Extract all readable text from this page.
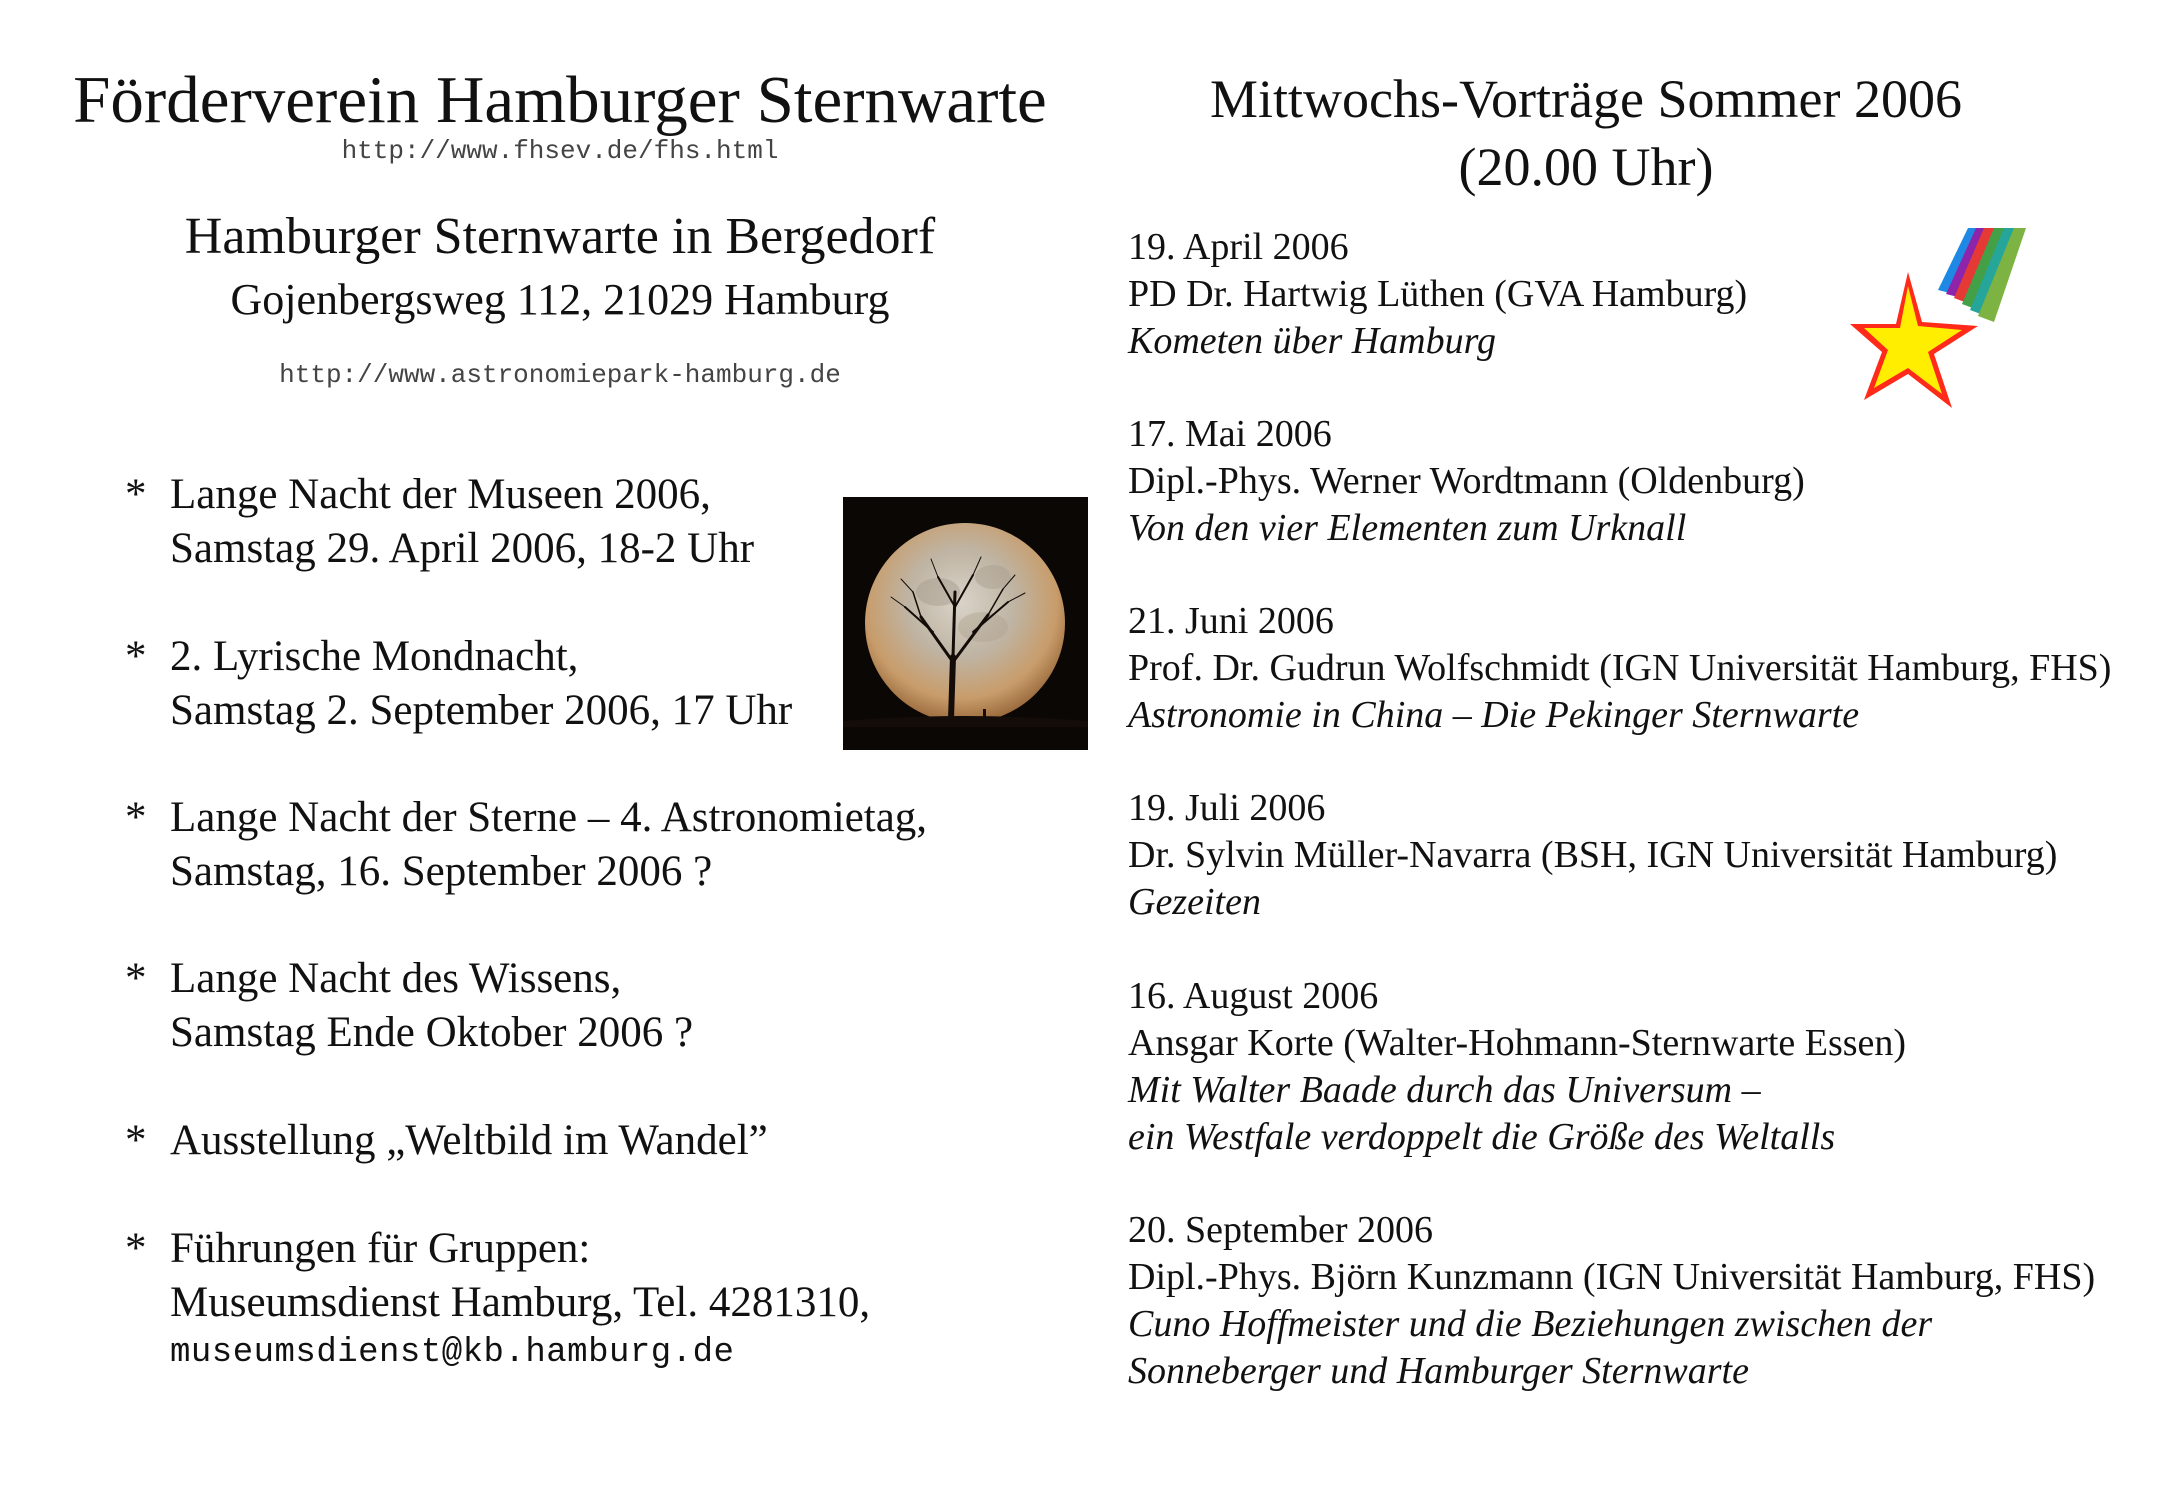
Förderverein Hamburger Sternwarte
http://www.fhsev.de/fhs.html
Hamburger Sternwarte in Bergedorf
Gojenbergsweg 112, 21029 Hamburg
http://www.astronomiepark-hamburg.de
* Lange Nacht der Museen 2006,
Samstag 29. April 2006, 18-2 Uhr
* 2. Lyrische Mondnacht,
Samstag 2. September 2006, 17 Uhr
* Lange Nacht der Sterne – 4. Astronomietag,
Samstag, 16. September 2006 ?
* Lange Nacht des Wissens,
Samstag Ende Oktober 2006 ?
* Ausstellung „Weltbild im Wandel”
* Führungen für Gruppen:
Museumsdienst Hamburg, Tel. 4281310,
museumsdienst@kb.hamburg.de
Mittwochs-Vorträge Sommer 2006
(20.00 Uhr)
19. April 2006
PD Dr. Hartwig Lüthen (GVA Hamburg)
Kometen über Hamburg
17. Mai 2006
Dipl.-Phys. Werner Wordtmann (Oldenburg)
Von den vier Elementen zum Urknall
21. Juni 2006
Prof. Dr. Gudrun Wolfschmidt (IGN Universität Hamburg, FHS)
Astronomie in China – Die Pekinger Sternwarte
19. Juli 2006
Dr. Sylvin Müller-Navarra (BSH, IGN Universität Hamburg)
Gezeiten
16. August 2006
Ansgar Korte (Walter-Hohmann-Sternwarte Essen)
Mit Walter Baade durch das Universum –
ein Westfale verdoppelt die Größe des Weltalls
20. September 2006
Dipl.-Phys. Björn Kunzmann (IGN Universität Hamburg, FHS)
Cuno Hoffmeister und die Beziehungen zwischen der
Sonneberger und Hamburger Sternwarte
